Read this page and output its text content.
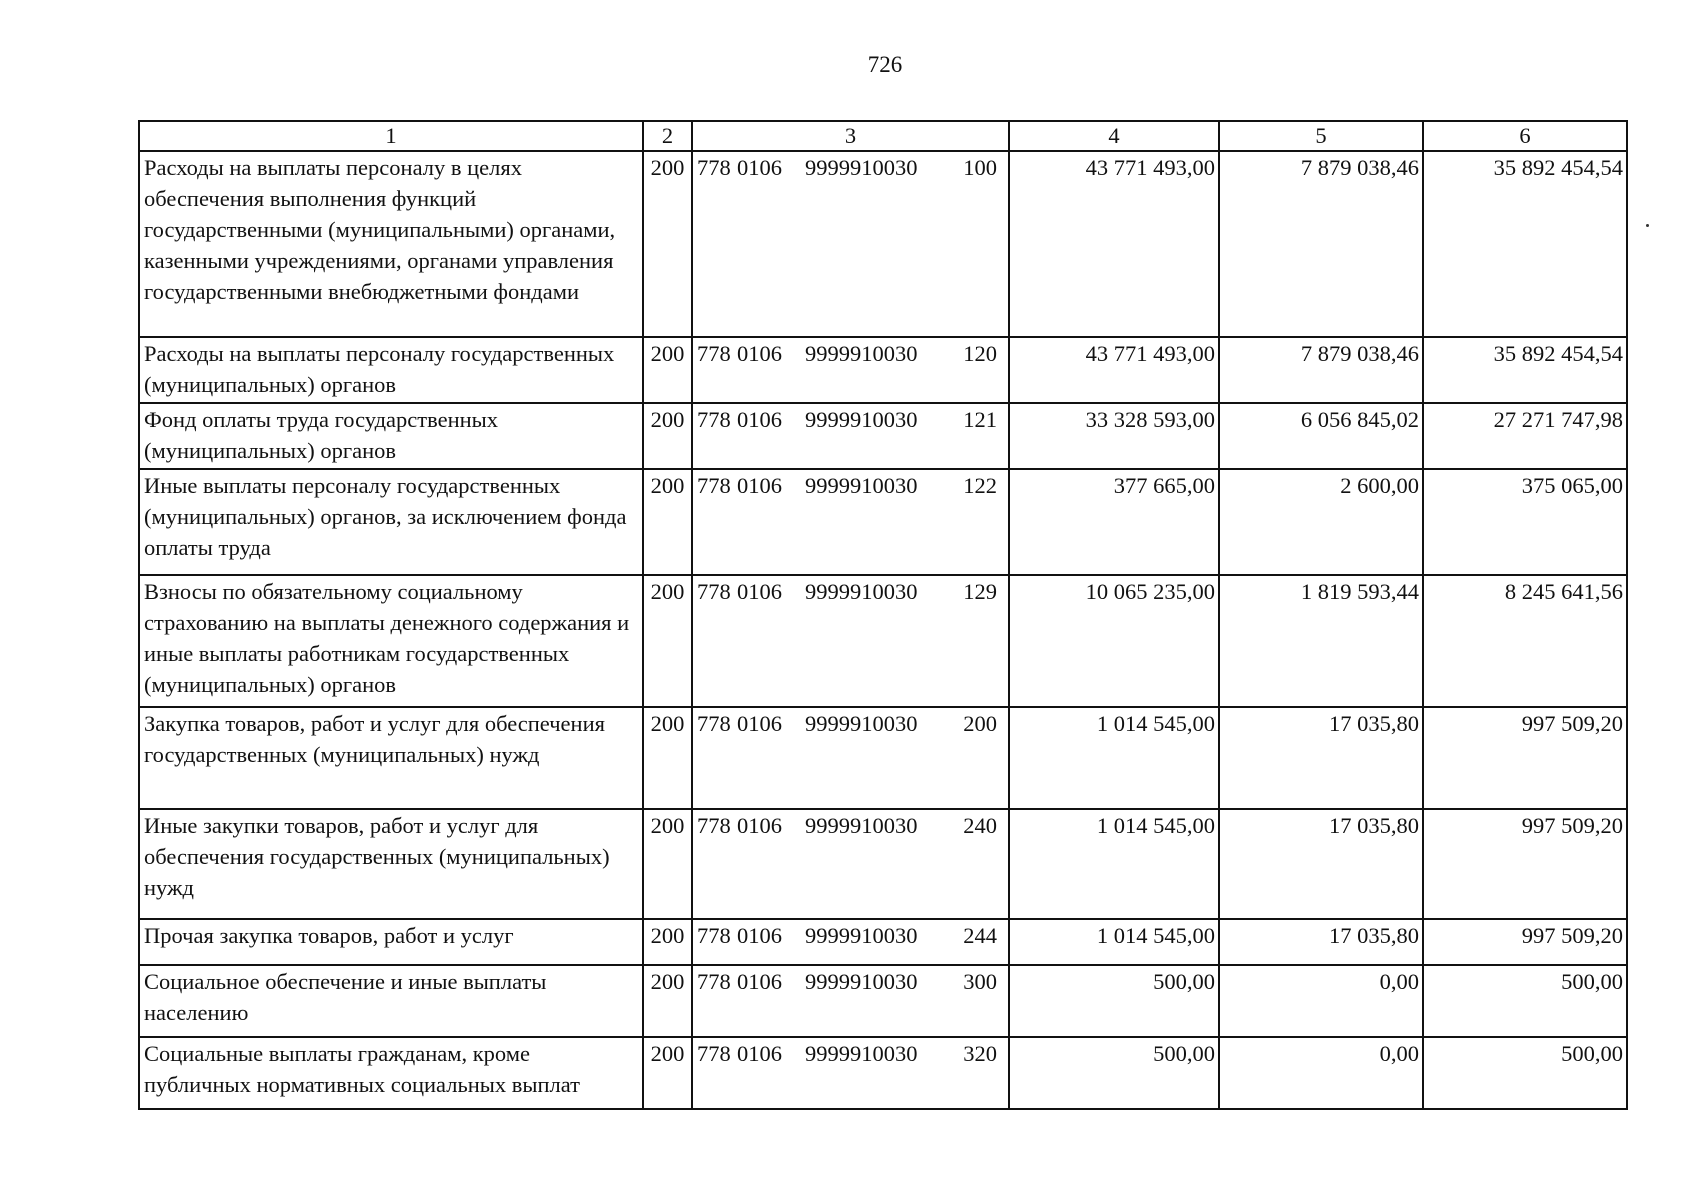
726
1	2	3	4	5	6
Расходы на выплаты персоналу в целях обеспечения выполнения функций государственными (муниципальными) органами, казенными учреждениями, органами управления государственными внебюджетными фондами	200	778 0106 9999910030 100	43 771 493,00	7 879 038,46	35 892 454,54
Расходы на выплаты персоналу государственных (муниципальных) органов	200	778 0106 9999910030 120	43 771 493,00	7 879 038,46	35 892 454,54
Фонд оплаты труда государственных (муниципальных) органов	200	778 0106 9999910030 121	33 328 593,00	6 056 845,02	27 271 747,98
Иные выплаты персоналу государственных (муниципальных) органов, за исключением фонда оплаты труда	200	778 0106 9999910030 122	377 665,00	2 600,00	375 065,00
Взносы по обязательному социальному страхованию на выплаты денежного содержания и иные выплаты работникам государственных (муниципальных) органов	200	778 0106 9999910030 129	10 065 235,00	1 819 593,44	8 245 641,56
Закупка товаров, работ и услуг для обеспечения государственных (муниципальных) нужд	200	778 0106 9999910030 200	1 014 545,00	17 035,80	997 509,20
Иные закупки товаров, работ и услуг для обеспечения государственных (муниципальных) нужд	200	778 0106 9999910030 240	1 014 545,00	17 035,80	997 509,20
Прочая закупка товаров, работ и услуг	200	778 0106 9999910030 244	1 014 545,00	17 035,80	997 509,20
Социальное обеспечение и иные выплаты населению	200	778 0106 9999910030 300	500,00	0,00	500,00
Социальные выплаты гражданам, кроме публичных нормативных социальных выплат	200	778 0106 9999910030 320	500,00	0,00	500,00
